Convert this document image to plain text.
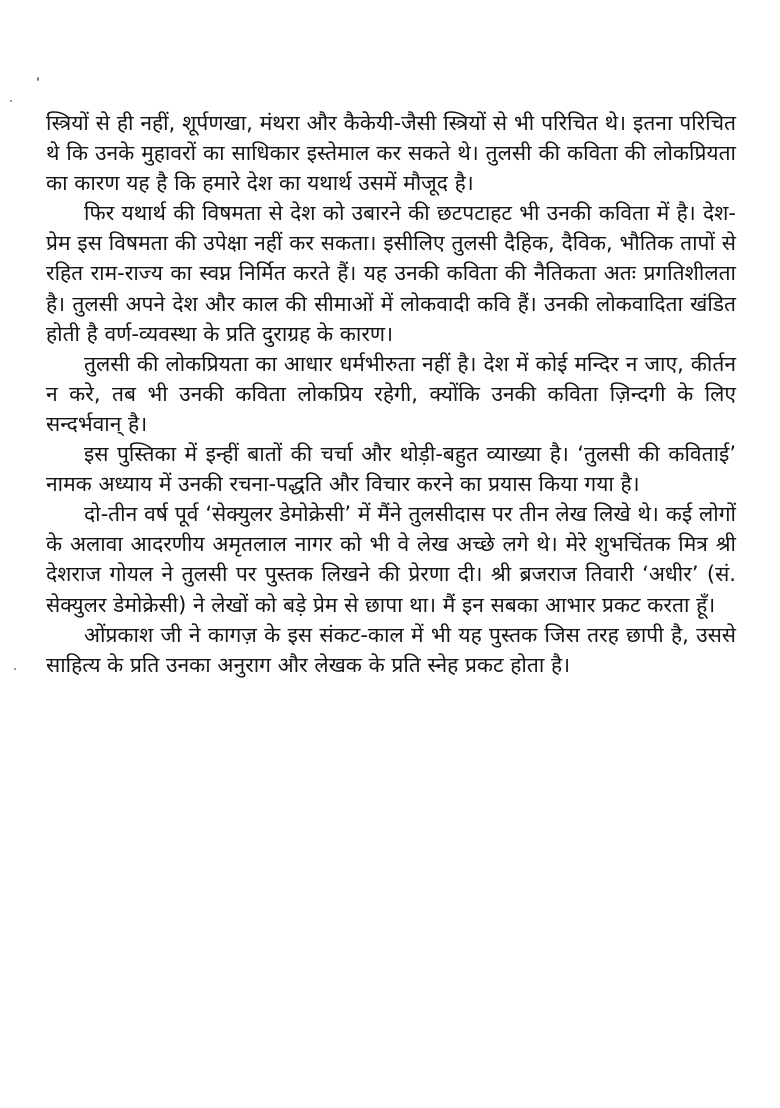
स्त्रियों से ही नहीं, शूर्पणखा, मंथरा और कैकेयी-जैसी स्त्रियों से भी परिचित थे। इतना परिचित थे कि उनके मुहावरों का साधिकार इस्तेमाल कर सकते थे। तुलसी की कविता की लोकप्रियता का कारण यह है कि हमारे देश का यथार्थ उसमें मौजूद है।

फिर यथार्थ की विषमता से देश को उबारने की छटपटाहट भी उनकी कविता में है। देश-प्रेम इस विषमता की उपेक्षा नहीं कर सकता। इसीलिए तुलसी दैहिक, दैविक, भौतिक तापों से रहित राम-राज्य का स्वप्न निर्मित करते हैं। यह उनकी कविता की नैतिकता अतः प्रगतिशीलता है। तुलसी अपने देश और काल की सीमाओं में लोकवादी कवि हैं। उनकी लोकवादिता खंडित होती है वर्ण-व्यवस्था के प्रति दुराग्रह के कारण।

तुलसी की लोकप्रियता का आधार धर्मभीरुता नहीं है। देश में कोई मन्दिर न जाए, कीर्तन न करे, तब भी उनकी कविता लोकप्रिय रहेगी, क्योंकि उनकी कविता ज़िन्दगी के लिए सन्दर्भवान् है।

इस पुस्तिका में इन्हीं बातों की चर्चा और थोड़ी-बहुत व्याख्या है। ‘तुलसी की कविताई’ नामक अध्याय में उनकी रचना-पद्धति और विचार करने का प्रयास किया गया है।

दो-तीन वर्ष पूर्व ‘सेक्युलर डेमोक्रेसी’ में मैंने तुलसीदास पर तीन लेख लिखे थे। कई लोगों के अलावा आदरणीय अमृतलाल नागर को भी वे लेख अच्छे लगे थे। मेरे शुभचिंतक मित्र श्री देशराज गोयल ने तुलसी पर पुस्तक लिखने की प्रेरणा दी। श्री ब्रजराज तिवारी ‘अधीर’ (सं. सेक्युलर डेमोक्रेसी) ने लेखों को बड़े प्रेम से छापा था। मैं इन सबका आभार प्रकट करता हूँ।

ओंप्रकाश जी ने कागज़ के इस संकट-काल में भी यह पुस्तक जिस तरह छापी है, उससे साहित्य के प्रति उनका अनुराग और लेखक के प्रति स्नेह प्रकट होता है।
